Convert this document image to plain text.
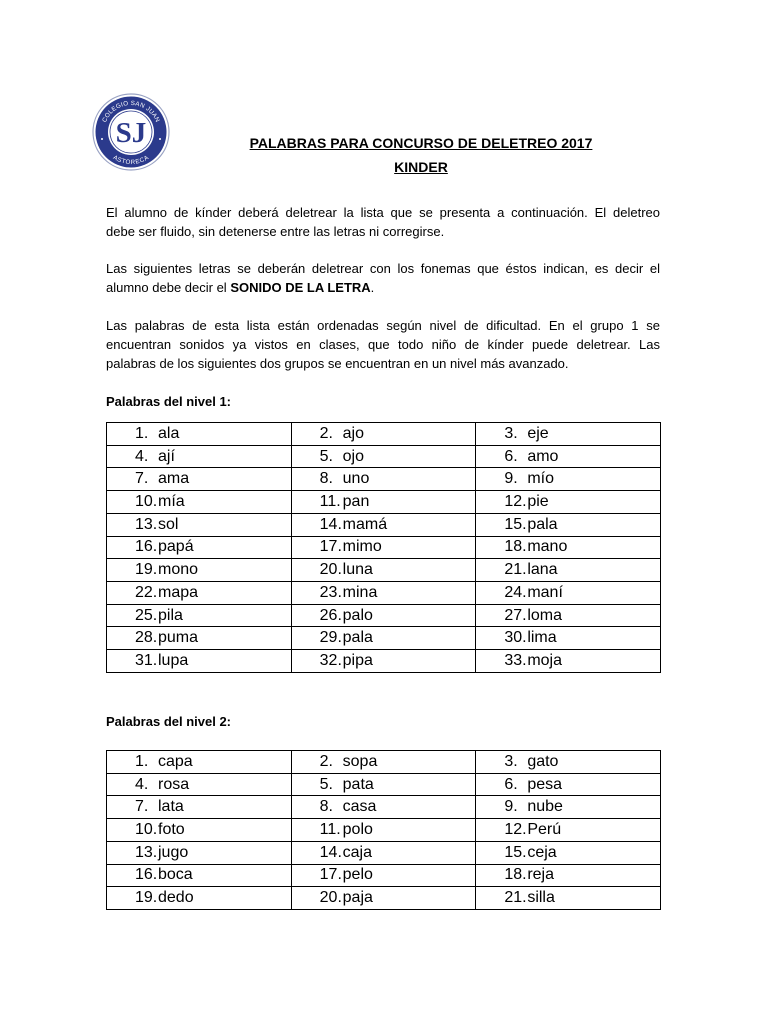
COLEGIO SAN JUAN
ASTORECA
SJ	PALABRAS PARA CONCURSO DE DELETREO 2017
KINDER
El alumno de kínder deberá deletrear la lista que se presenta a continuación. El deletreo
debe ser fluido, sin detenerse entre las letras ni corregirse.
Las siguientes letras se deberán deletrear con los fonemas que éstos indican, es decir el
alumno debe decir el SONIDO DE LA LETRA.
Las palabras de esta lista están ordenadas según nivel de dificultad. En el grupo 1 se
encuentran sonidos ya vistos en clases, que todo niño de kínder puede deletrear. Las
palabras de los siguientes dos grupos se encuentran en un nivel más avanzado.
Palabras del nivel 1:
1. ala	2. ajo	3. eje
4. ají	5. ojo	6. amo
7. ama	8. uno	9. mío
10.mía	11. pan	12.pie
13.sol	14.mamá	15.pala
16.papá	17.mimo	18.mano
19.mono	20.luna	21.lana
22.mapa	23.mina	24.maní
25.pila	26.palo	27.loma
28.puma	29.pala	30.lima
31.lupa	32.pipa	33.moja
Palabras del nivel 2:
1. capa	2. sopa	3. gato
4. rosa	5. pata	6. pesa
7. lata	8. casa	9. nube
10.foto	11. polo	12.Perú
13.jugo	14.caja	15.ceja
16.boca	17.pelo	18.reja
19.dedo	20.paja	21.silla
